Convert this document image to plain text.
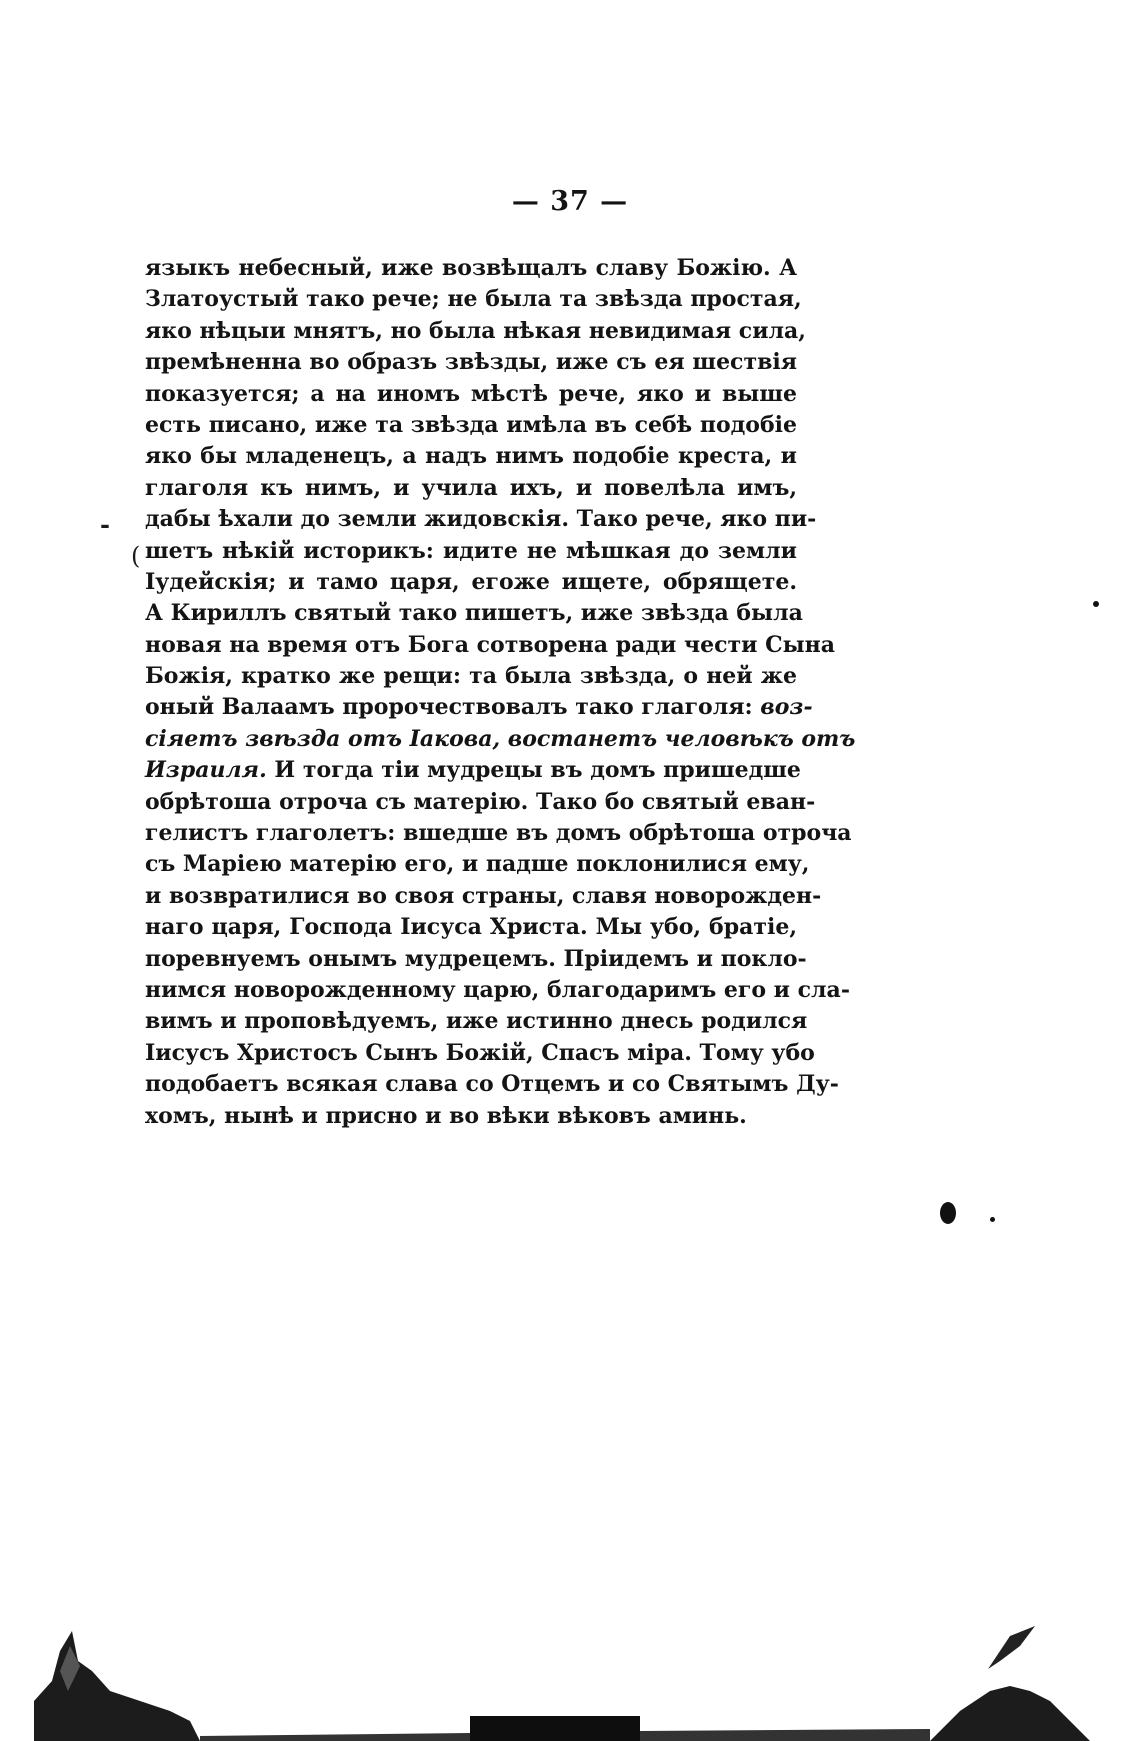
— 37 —
-
(
языкъ небесный, иже возвѣщалъ славу Божію. А
Златоустый тако рече; не была та звѣзда простая,
яко нѣцыи мнятъ, но была нѣкая невидимая сила,
премѣненна во образъ звѣзды, иже съ ея шествія
показуется; а на иномъ мѣстѣ рече, яко и выше
есть писано, иже та звѣзда имѣла въ себѣ подобіе
яко бы младенецъ, а надъ нимъ подобіе креста, и
глаголя къ нимъ, и учила ихъ, и повелѣла имъ,
дабы ѣхали до земли жидовскія. Тако рече, яко пи-
шетъ нѣкій историкъ: идите не мѣшкая до земли
Іудейскія; и тамо царя, егоже ищете, обрящете.
А Кириллъ святый тако пишетъ, иже звѣзда была
новая на время отъ Бога сотворена ради чести Сына
Божія, кратко же рещи: та была звѣзда, о ней же
оный Валаамъ пророчествовалъ тако глаголя: воз-
сіяетъ звѣзда отъ Іакова, востанетъ человѣкъ отъ
Израиля. И тогда тіи мудрецы въ домъ пришедше
обрѣтоша отроча съ матерію. Тако бо святый еван-
гелистъ глаголетъ: вшедше въ домъ обрѣтоша отроча
съ Маріею матерію его, и падше поклонилися ему,
и возвратилися во своя страны, славя новорожден-
наго царя, Господа Іисуса Христа. Мы убо, братіе,
поревнуемъ онымъ мудрецемъ. Пріидемъ и покло-
нимся новорожденному царю, благодаримъ его и сла-
вимъ и проповѣдуемъ, иже истинно днесь родился
Іисусъ Христосъ Сынъ Божій, Спасъ міра. Тому убо
подобаетъ всякая слава со Отцемъ и со Святымъ Ду-
хомъ, нынѣ и присно и во вѣки вѣковъ аминь.
